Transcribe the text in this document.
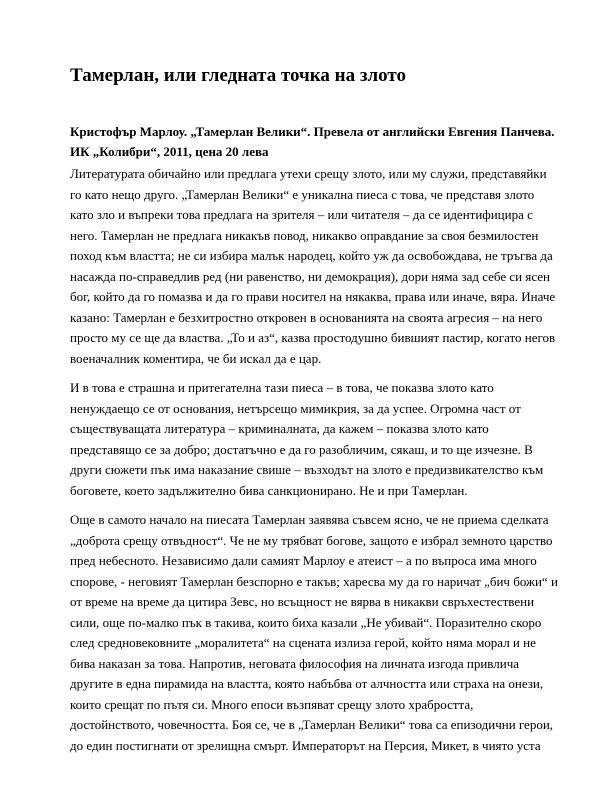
Тамерлан, или гледната точка на злото

Кристофър Марлоу. „Тамерлан Велики“. Превела от английски Евгения Панчева.
ИК „Колибри“, 2011, цена 20 лева

Литературата обичайно или предлага утехи срещу злото, или му служи, представяйки
го като нещо друго. „Тамерлан Велики“ е уникална пиеса с това, че представя злото
като зло и въпреки това предлага на зрителя – или читателя – да се идентифицира с
него. Тамерлан не предлага никакъв повод, никакво оправдание за своя безмилостен
поход към властта; не си избира малък народец, който уж да освобождава, не тръгва да
насажда по-справедлив ред (ни равенство, ни демокрация), дори няма зад себе си ясен
бог, който да го помазва и да го прави носител на някаква, права или иначе, вяра. Иначе
казано: Тамерлан е безхитростно откровен в основанията на своята агресия – на него
просто му се ще да властва. „То и аз“, казва простодушно бившият пастир, когато негов
военачалник коментира, че би искал да е цар.

И в това е страшна и притегателна тази пиеса – в това, че показва злото като
ненуждаещо се от основания, нетърсещо мимикрия, за да успее. Огромна част от
съществуващата литература – криминалната, да кажем – показва злото като
представящо се за добро; достатъчно е да го разобличим, сякаш, и то ще изчезне. В
други сюжети пък има наказание свише – възходът на злото е предизвикателство към
боговете, което задължително бива санкционирано. Не и при Тамерлан.

Още в самото начало на пиесата Тамерлан заявява съвсем ясно, че не приема сделката
„доброта срещу отвъдност“. Че не му трябват богове, защото е избрал земното царство
пред небесното. Независимо дали самият Марлоу е атеист – а по въпроса има много
спорове, - неговият Тамерлан безспорно е такъв; харесва му да го наричат „бич божи“ и
от време на време да цитира Зевс, но всъщност не вярва в никакви свръхестествени
сили, още по-малко пък в такива, които биха казали „Не убивай“. Поразително скоро
след средновековните „моралитета“ на сцената излиза герой, който няма морал и не
бива наказан за това. Напротив, неговата философия на личната изгода привлича
другите в една пирамида на властта, която набъбва от алчността или страха на онези,
които срещат по пътя си. Много епоси възпяват срещу злото храбростта,
достойнството, човечността. Боя се, че в „Тамерлан Велики“ това са епизодични герои,
до един постигнати от зрелищна смърт. Императорът на Персия, Микет, в чиято уста
